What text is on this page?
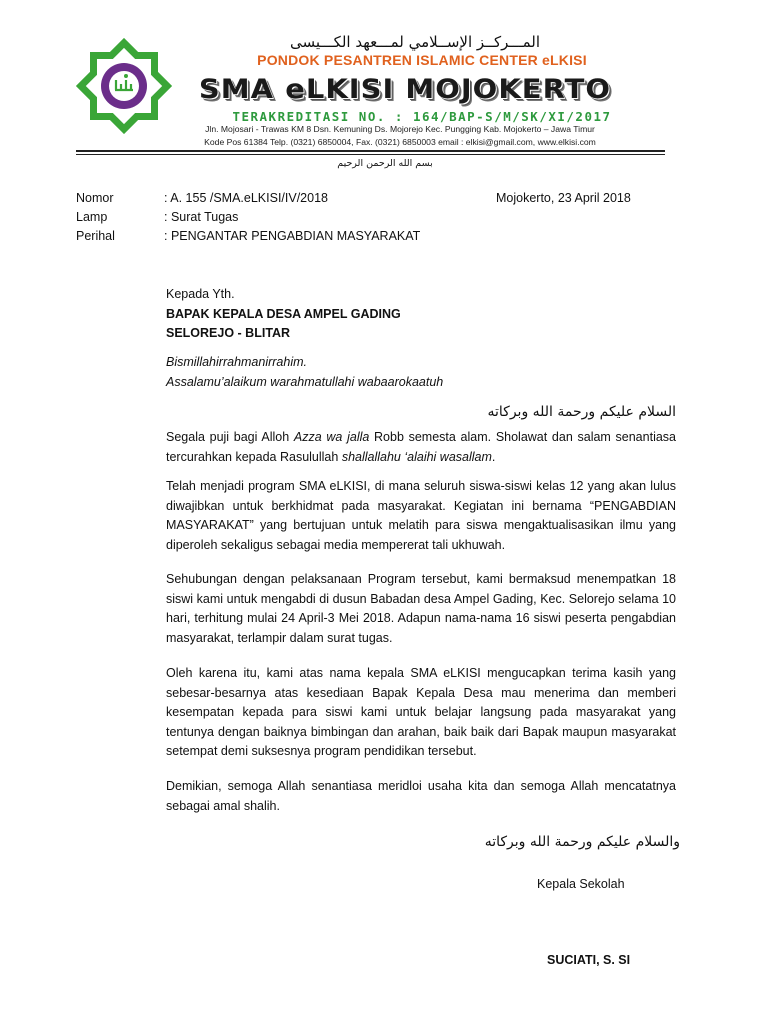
المـــركــز الإســلامي لمـــعهد الكـــيسى
PONDOK PESANTREN ISLAMIC CENTER eLKISI
SMA eLKISI MOJOKERTO
TERAKREDITASI NO. : 164/BAP-S/M/SK/XI/2017
Jln. Mojosari - Trawas KM 8 Dsn. Kemuning Ds. Mojorejo Kec. Pungging Kab. Mojokerto – Jawa Timur
Kode Pos 61384 Telp. (0321) 6850004, Fax. (0321) 6850003 email : elkisi@gmail.com, www.elkisi.com
بسم الله الرحمن الرحيم
Nomor	: A. 155 /SMA.eLKISI/IV/2018	Mojokerto, 23 April 2018
Lamp	: Surat Tugas
Perihal	: PENGANTAR PENGABDIAN MASYARAKAT
Kepada Yth.
BAPAK KEPALA DESA AMPEL GADING
SELOREJO - BLITAR
Bismillahirrahmanirrahim.
Assalamu’alaikum warahmatullahi wabaarokaatuh
السلام عليكم ورحمة الله وبركاته
Segala puji bagi Alloh Azza wa jalla Robb semesta alam. Sholawat dan salam senantiasa tercurahkan kepada Rasulullah shallallahu ‘alaihi wasallam.
Telah menjadi program SMA eLKISI, di mana seluruh siswa-siswi kelas 12 yang akan lulus diwajibkan untuk berkhidmat pada masyarakat. Kegiatan ini bernama “PENGABDIAN MASYARAKAT” yang bertujuan untuk melatih para siswa mengaktualisasikan ilmu yang diperoleh sekaligus sebagai media mempererat tali ukhuwah.
Sehubungan dengan pelaksanaan Program tersebut, kami bermaksud menempatkan 18 siswi kami untuk mengabdi di dusun Babadan desa Ampel Gading, Kec. Selorejo selama 10 hari, terhitung mulai 24 April-3 Mei 2018. Adapun nama-nama 16 siswi peserta pengabdian masyarakat, terlampir dalam surat tugas.
Oleh karena itu, kami atas nama kepala SMA eLKISI mengucapkan terima kasih yang sebesar-besarnya atas kesediaan Bapak Kepala Desa mau menerima dan memberi kesempatan kepada para siswi kami untuk belajar langsung pada masyarakat yang tentunya dengan baiknya bimbingan dan arahan, baik baik dari Bapak maupun masyarakat setempat demi suksesnya program pendidikan tersebut.
Demikian, semoga Allah senantiasa meridloi usaha kita dan semoga Allah mencatatnya sebagai amal shalih.
والسلام عليكم ورحمة الله وبركاته
Kepala Sekolah
SUCIATI, S. SI
